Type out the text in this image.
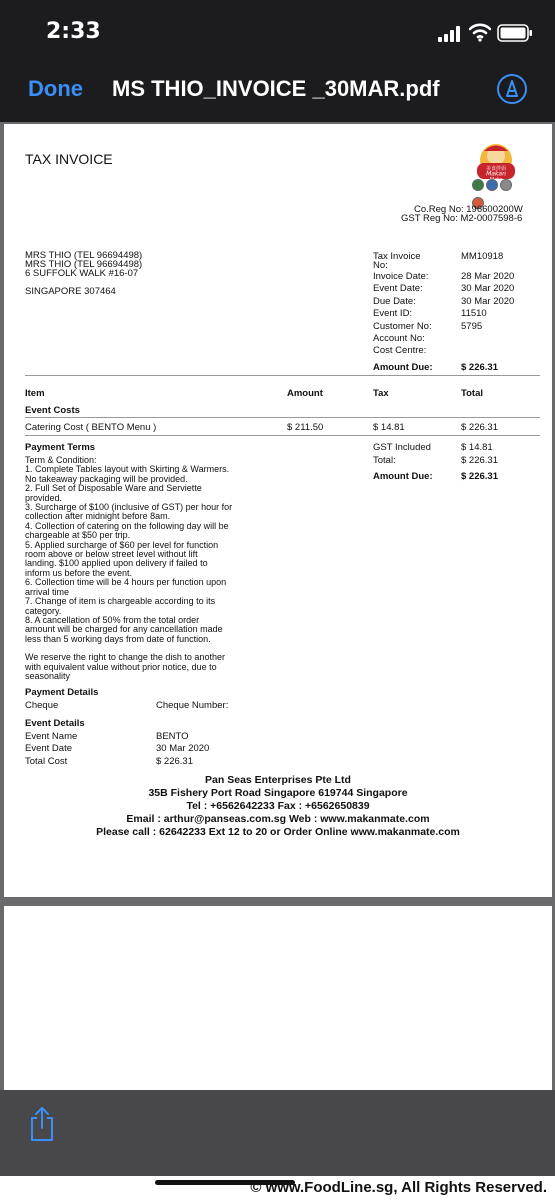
2:33
Done MS THIO_INVOICE _30MAR.pdf
TAX INVOICE
美食伴侶
Makan
Co.Reg No: 196600200W
GST Reg No: M2-0007598-6
MRS THIO (TEL 96694498)
MRS THIO (TEL 96694498)
6 SUFFOLK WALK #16-07
SINGAPORE 307464
Tax Invoice	MM10918
No:
Invoice Date:	28 Mar 2020
Event Date:	30 Mar 2020
Due Date:	30 Mar 2020
Event ID:	11510
Customer No:	5795
Account No:
Cost Centre:
Amount Due:	$ 226.31
Item	Amount	Tax	Total
Event Costs
Catering Cost ( BENTO Menu )	$ 211.50	$ 14.81	$ 226.31
Payment Terms
Term & Condition:
1. Complete Tables layout with Skirting & Warmers.
No takeaway packaging will be provided.
2. Full Set of Disposable Ware and Serviette
provided.
3. Surcharge of $100 (inclusive of GST) per hour for
collection after midnight before 8am.
4. Collection of catering on the following day will be
chargeable at $50 per trip.
5. Applied surcharge of $60 per level for function
room above or below street level without lift
landing. $100 applied upon delivery if failed to
inform us before the event.
6. Collection time will be 4 hours per function upon
arrival time
7. Change of item is chargeable according to its
category.
8. A cancellation of 50% from the total order
amount will be charged for any cancellation made
less than 5 working days from date of function.
We reserve the right to change the dish to another
with equivalent value without prior notice, due to
seasonality
GST Included	$ 14.81
Total:	$ 226.31
Amount Due:	$ 226.31
Payment Details
Cheque	Cheque Number:
Event Details
Event Name	BENTO
Event Date	30 Mar 2020
Total Cost	$ 226.31
Pan Seas Enterprises Pte Ltd
35B Fishery Port Road Singapore 619744 Singapore
Tel : +6562642233 Fax : +6562650839
Email : arthur@panseas.com.sg Web : www.makanmate.com
Please call : 62642233 Ext 12 to 20 or Order Online www.makanmate.com
© www.FoodLine.sg, All Rights Reserved.
